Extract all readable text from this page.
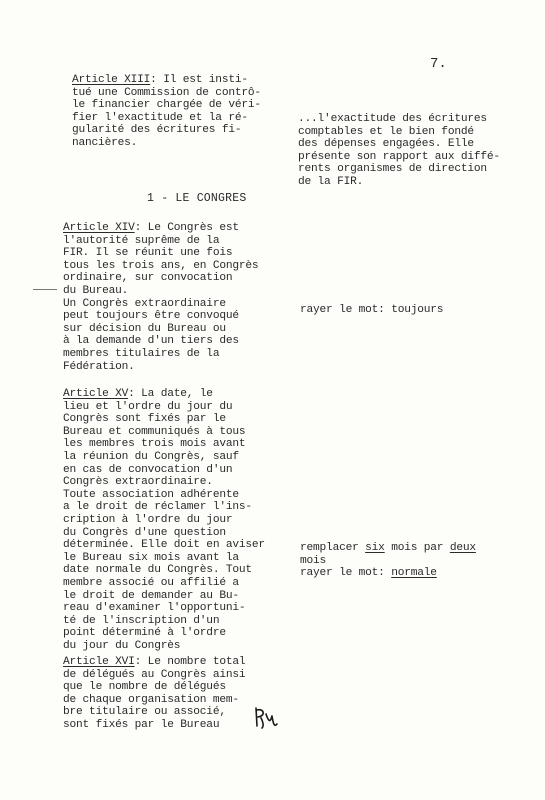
7.
Article XIII: Il est insti-
tué une Commission de contrô-
le financier chargée de véri-
fier l'exactitude et la ré-
gularité des écritures fi-
nancières.
...l'exactitude des écritures
comptables et le bien fondé
des dépenses engagées. Elle
présente son rapport aux diffé-
rents organismes de direction
de la FIR.
1 - LE CONGRES
Article XIV: Le Congrès est
l'autorité suprême de la
FIR. Il se réunit une fois
tous les trois ans, en Congrès
ordinaire, sur convocation
du Bureau.
Un Congrès extraordinaire
peut toujours être convoqué
sur décision du Bureau ou
à la demande d'un tiers des
membres titulaires de la
Fédération.
rayer le mot: toujours
Article XV: La date, le
lieu et l'ordre du jour du
Congrès sont fixés par le
Bureau et communiqués à tous
les membres trois mois avant
la réunion du Congrès, sauf
en cas de convocation d'un
Congrès extraordinaire.
Toute association adhérente
a le droit de réclamer l'ins-
cription à l'ordre du jour
du Congrès d'une question
déterminée. Elle doit en aviser
le Bureau six mois avant la
date normale du Congrès. Tout
membre associé ou affilié a
le droit de demander au Bu-
reau d'examiner l'opportuni-
té de l'inscription d'un
point déterminé à l'ordre
du jour du Congrès
remplacer six mois par deux
mois
rayer le mot: normale
Article XVI: Le nombre total
de délégués au Congrès ainsi
que le nombre de délégués
de chaque organisation mem-
bre titulaire ou associé,
sont fixés par le Bureau
